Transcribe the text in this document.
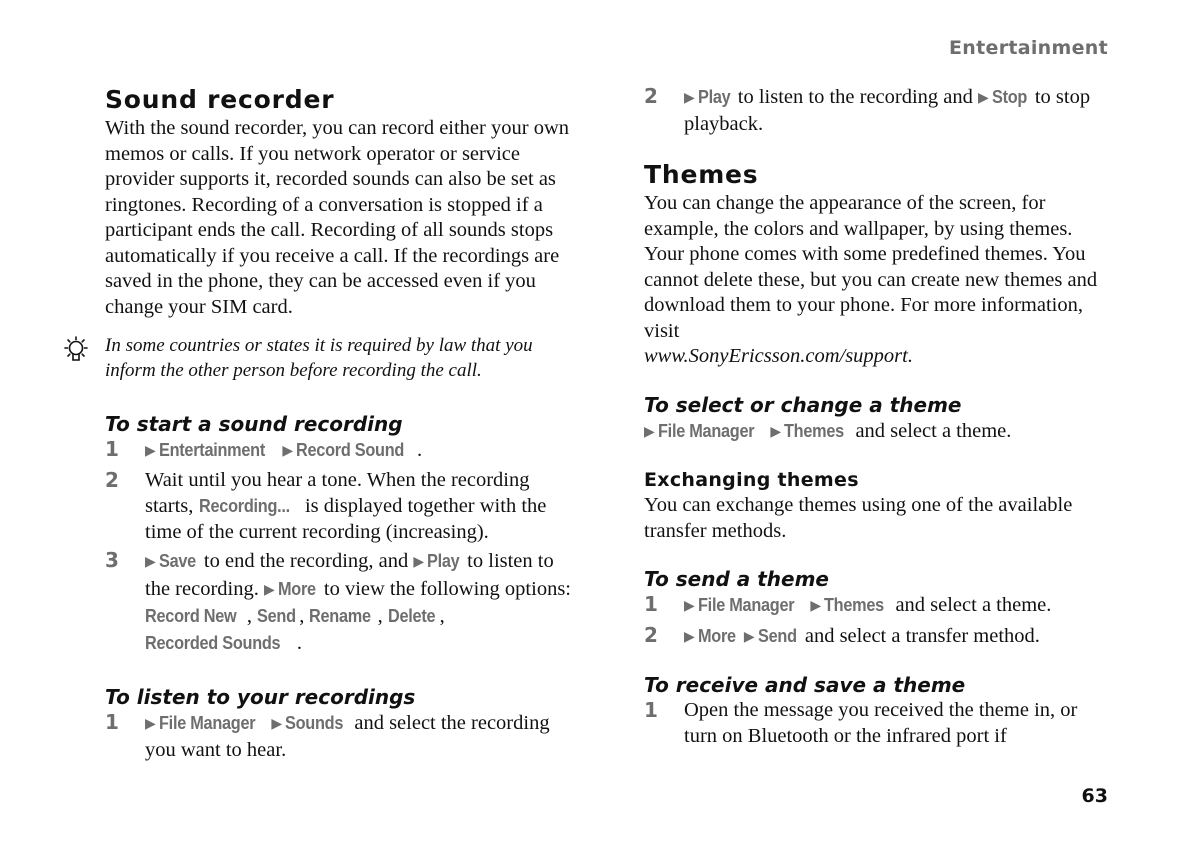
Entertainment
Sound recorder

With the sound recorder, you can record either your own memos or calls. If you network operator or service provider supports it, recorded sounds can also be set as ringtones. Recording of a conversation is stopped if a participant ends the call. Recording of all sounds stops automatically if you receive a call. If the recordings are saved in the phone, they can be accessed even if you change your SIM card.

In some countries or states it is required by law that you inform the other person before recording the call.
To start a sound recording
1 ▶ Entertainment ▶ Record Sound .
2 Wait until you hear a tone. When the recording starts, Recording... is displayed together with the time of the current recording (increasing).
3 ▶ Save to end the recording, and ▶ Play to listen to the recording. ▶ More to view the following options: Record New , Send , Rename , Delete , Recorded Sounds .
To listen to your recordings
1 ▶ File Manager ▶ Sounds and select the recording you want to hear.
2 ▶ Play to listen to the recording and ▶ Stop to stop playback.
Themes

You can change the appearance of the screen, for example, the colors and wallpaper, by using themes. Your phone comes with some predefined themes. You cannot delete these, but you can create new themes and download them to your phone. For more information, visit
www.SonyEricsson.com/support.

To select or change a theme

▶ File Manager ▶ Themes and select a theme.

Exchanging themes

You can exchange themes using one of the available transfer methods.

To send a theme
1 ▶ File Manager ▶ Themes and select a theme.
2 ▶ More ▶ Send and select a transfer method.
To receive and save a theme
1 Open the message you received the theme in, or turn on Bluetooth or the infrared port if
63
